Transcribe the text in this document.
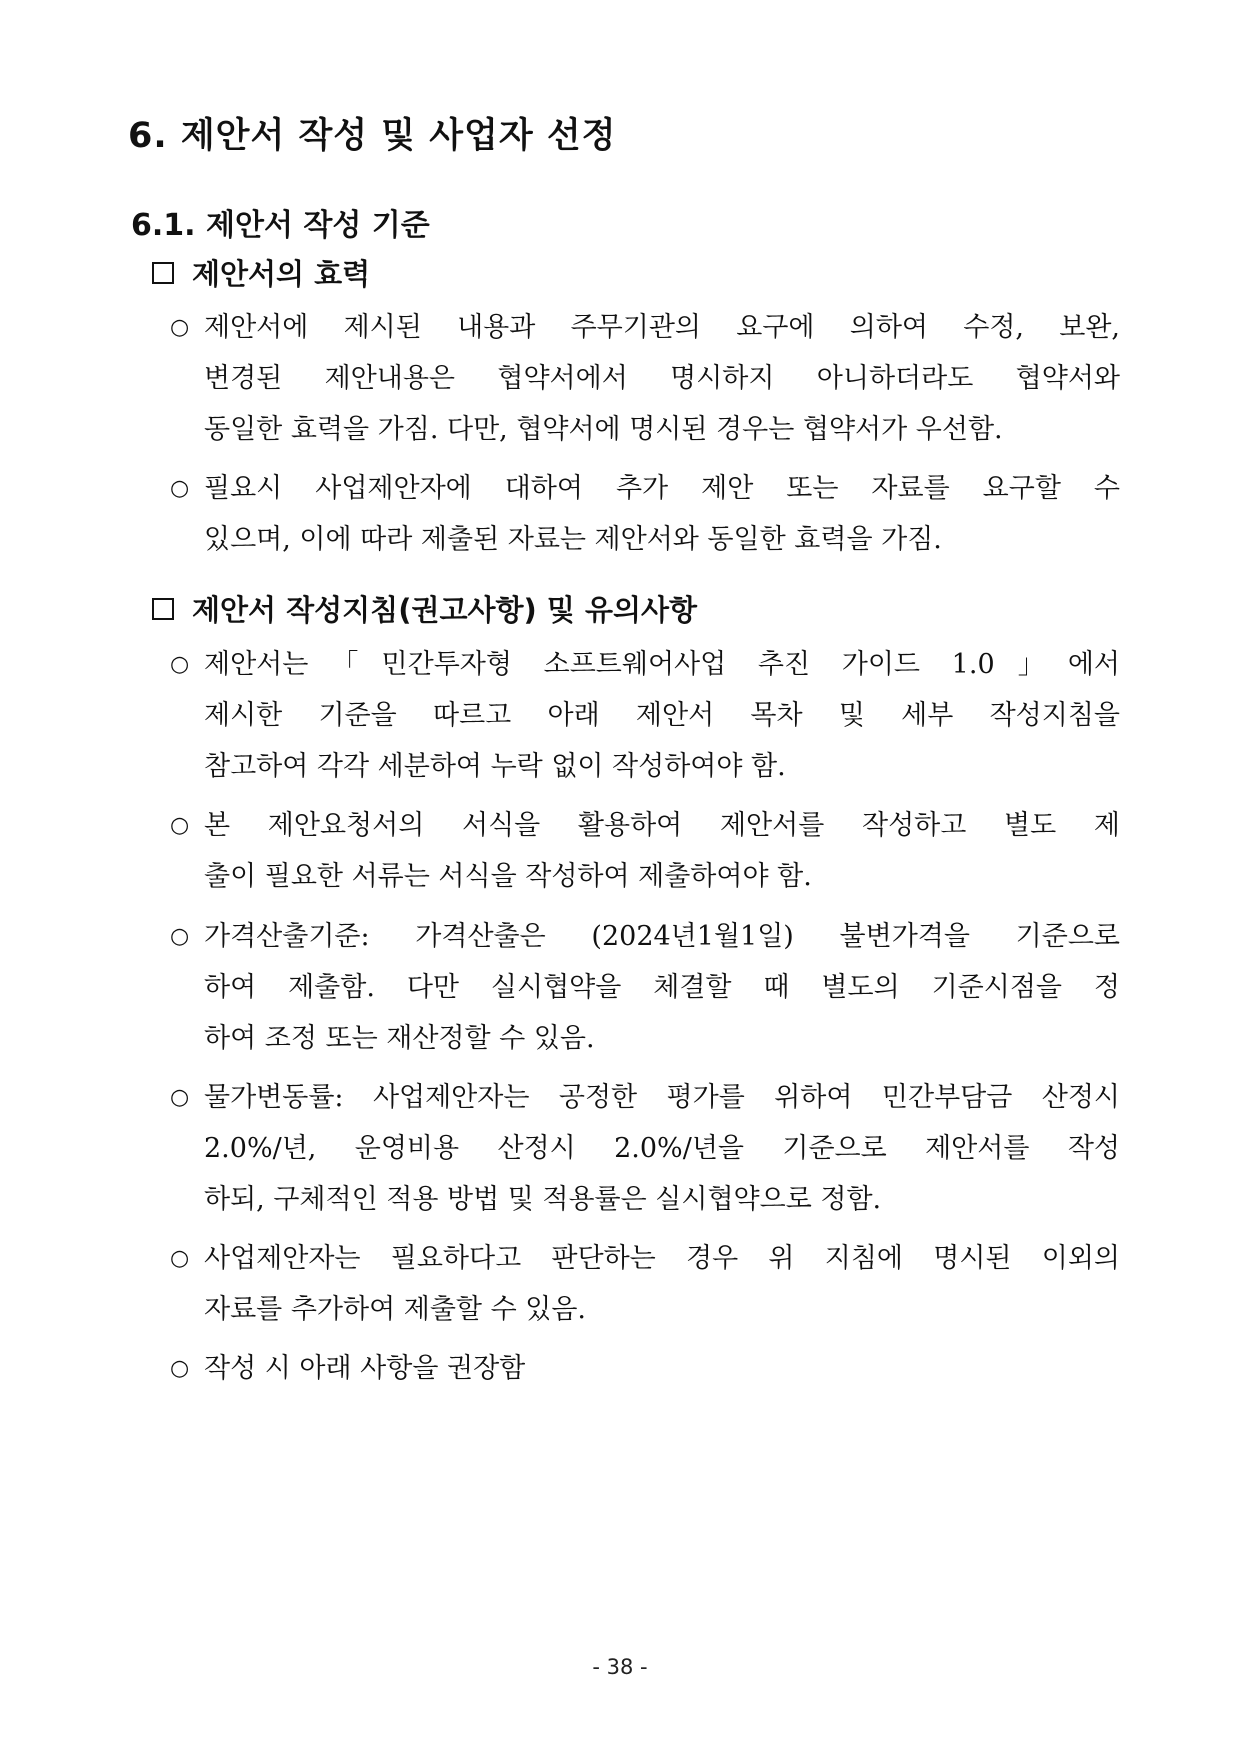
6. 제안서 작성 및 사업자 선정
6.1. 제안서 작성 기준
제안서의 효력
○ 제안서에 제시된 내용과 주무기관의 요구에 의하여 수정, 보완,
변경된 제안내용은 협약서에서 명시하지 아니하더라도 협약서와
동일한 효력을 가짐. 다만, 협약서에 명시된 경우는 협약서가 우선함.
○ 필요시 사업제안자에 대하여 추가 제안 또는 자료를 요구할 수
있으며, 이에 따라 제출된 자료는 제안서와 동일한 효력을 가짐.
제안서 작성지침(권고사항) 및 유의사항
○ 제안서는「민간투자형 소프트웨어사업 추진 가이드 1.0」에서
제시한 기준을 따르고 아래 제안서 목차 및 세부 작성지침을
참고하여 각각 세분하여 누락 없이 작성하여야 함.
○ 본 제안요청서의 서식을 활용하여 제안서를 작성하고 별도 제
출이 필요한 서류는 서식을 작성하여 제출하여야 함.
○ 가격산출기준: 가격산출은 (2024년1월1일) 불변가격을 기준으로
하여 제출함. 다만 실시협약을 체결할 때 별도의 기준시점을 정
하여 조정 또는 재산정할 수 있음.
○ 물가변동률: 사업제안자는 공정한 평가를 위하여 민간부담금 산정시
2.0%/년, 운영비용 산정시 2.0%/년을 기준으로 제안서를 작성
하되, 구체적인 적용 방법 및 적용률은 실시협약으로 정함.
○ 사업제안자는 필요하다고 판단하는 경우 위 지침에 명시된 이외의
자료를 추가하여 제출할 수 있음.
○ 작성 시 아래 사항을 권장함
- 38 -
